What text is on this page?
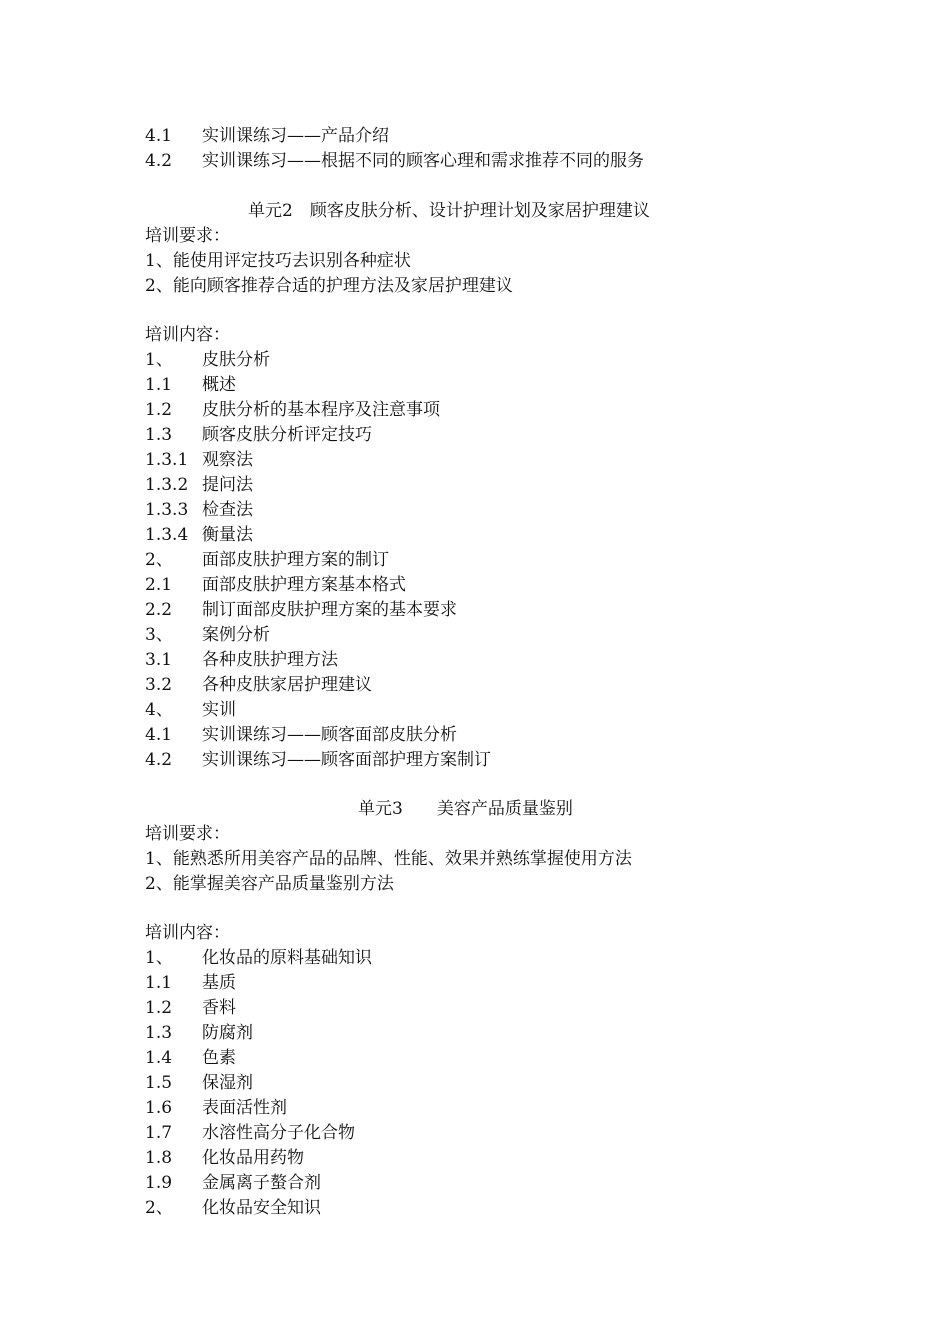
4.1 实训课练习——产品介绍
4.2 实训课练习——根据不同的顾客心理和需求推荐不同的服务
单元2　顾客皮肤分析、设计护理计划及家居护理建议
培训要求：
1、能使用评定技巧去识别各种症状
2、能向顾客推荐合适的护理方法及家居护理建议
培训内容：
1、 皮肤分析
1.1 概述
1.2 皮肤分析的基本程序及注意事项
1.3 顾客皮肤分析评定技巧
1.3.1 观察法
1.3.2 提问法
1.3.3 检查法
1.3.4 衡量法
2、 面部皮肤护理方案的制订
2.1 面部皮肤护理方案基本格式
2.2 制订面部皮肤护理方案的基本要求
3、 案例分析
3.1 各种皮肤护理方法
3.2 各种皮肤家居护理建议
4、 实训
4.1 实训课练习——顾客面部皮肤分析
4.2 实训课练习——顾客面部护理方案制订
单元3　　美容产品质量鉴别
培训要求：
1、能熟悉所用美容产品的品牌、性能、效果并熟练掌握使用方法
2、能掌握美容产品质量鉴别方法
培训内容：
1、 化妆品的原料基础知识
1.1 基质
1.2 香料
1.3 防腐剂
1.4 色素
1.5 保湿剂
1.6 表面活性剂
1.7 水溶性高分子化合物
1.8 化妆品用药物
1.9 金属离子螯合剂
2、 化妆品安全知识
